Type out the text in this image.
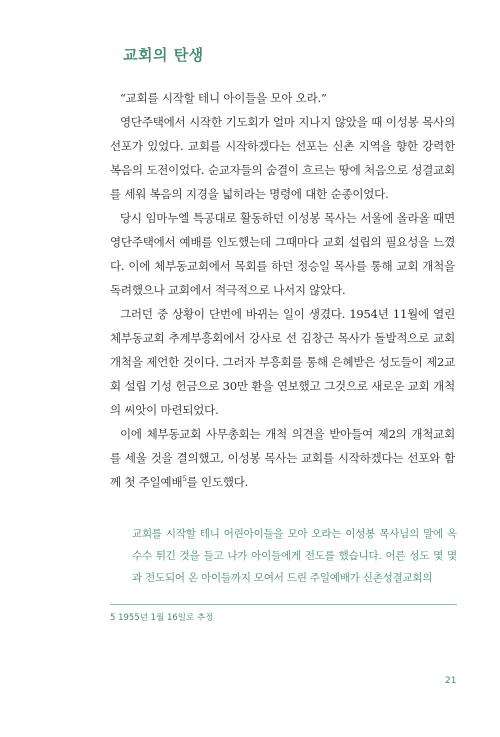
교회의 탄생

“교회를 시작할 테니 아이들을 모아 오라.”

영단주택에서 시작한 기도회가 얼마 지나지 않았을 때 이성봉 목사의 선포가 있었다. 교회를 시작하겠다는 선포는 신촌 지역을 향한 강력한 복음의 도전이었다. 순교자들의 숨결이 흐르는 땅에 처음으로 성결교회를 세워 복음의 지경을 넓히라는 명령에 대한 순종이었다.

당시 임마누엘 특공대로 활동하던 이성봉 목사는 서울에 올라올 때면 영단주택에서 예배를 인도했는데 그때마다 교회 설립의 필요성을 느꼈다. 이에 체부동교회에서 목회를 하던 정승일 목사를 통해 교회 개척을 독려했으나 교회에서 적극적으로 나서지 않았다.

그러던 중 상황이 단번에 바뀌는 일이 생겼다. 1954년 11월에 열린 체부동교회 추계부흥회에서 강사로 선 김창근 목사가 돌발적으로 교회 개척을 제언한 것이다. 그러자 부흥회를 통해 은혜받은 성도들이 제2교회 설립 기성 헌금으로 30만 환을 연보했고 그것으로 새로운 교회 개척의 씨앗이 마련되었다.

이에 체부동교회 사무총회는 개척 의견을 받아들여 제2의 개척교회를 세울 것을 결의했고, 이성봉 목사는 교회를 시작하겠다는 선포와 함께 첫 주일예배$^5$를 인도했다.

교회를 시작할 테니 어린아이들을 모아 오라는 이성봉 목사님의 말에 옥수수 튀긴 것을 들고 나가 아이들에게 전도를 했습니다. 어른 성도 몇 몇과 전도되어 온 아이들까지 모여서 드린 주일예배가 신촌성결교회의
5 1955년 1월 16일로 추정
21
